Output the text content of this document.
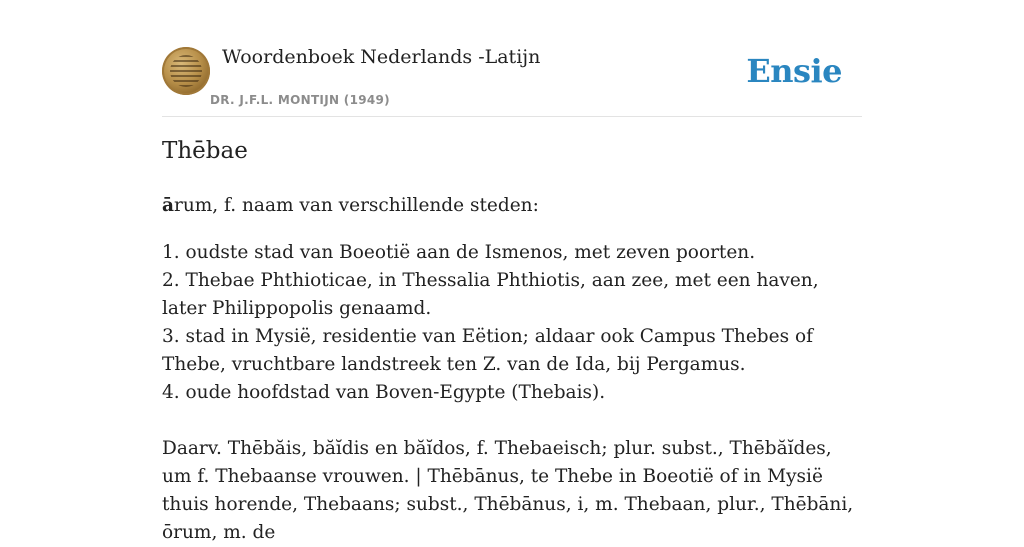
Woordenboek Nederlands -Latijn
DR. J.F.L. MONTIJN (1949)
Ensie
Thēbae

ārum, f. naam van verschillende steden:

1. oudste stad van Boeotië aan de Ismenos, met zeven poorten.

2. Thebae Phthioticae, in Thessalia Phthiotis, aan zee, met een haven, later Philippopolis genaamd.

3. stad in Mysië, residentie van Eëtion; aldaar ook Campus Thebes of Thebe, vruchtbare landstreek ten Z. van de Ida, bij Pergamus.

4. oude hoofdstad van Boven-Egypte (Thebais).

Daarv. Thēbăis, băĭdis en băĭdos, f. Thebaeisch; plur. subst., Thēbăĭdes, um f. Thebaanse vrouwen. | Thēbānus, te Thebe in Boeotië of in Mysië thuis horende, Thebaans; subst., Thēbānus, i, m. Thebaan, plur., Thēbāni, ōrum, m. de
